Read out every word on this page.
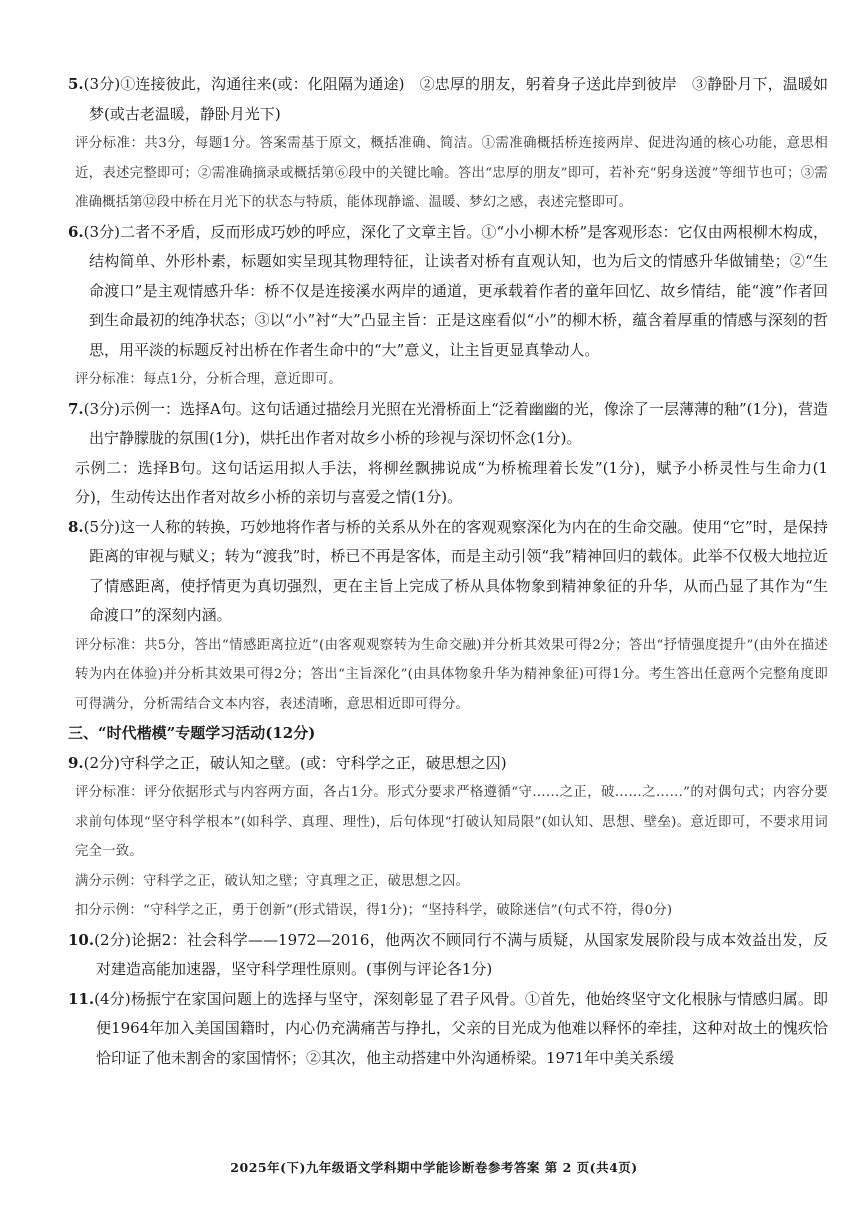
5.(3分)①连接彼此，沟通往来(或：化阻隔为通途)　②忠厚的朋友，躬着身子送此岸到彼岸　③静卧月下，温暖如梦(或古老温暖，静卧月光下)

评分标准：共3分，每题1分。答案需基于原文，概括准确、简洁。①需准确概括桥连接两岸、促进沟通的核心功能，意思相近，表述完整即可；②需准确摘录或概括第⑥段中的关键比喻。答出“忠厚的朋友”即可，若补充“躬身送渡”等细节也可；③需准确概括第⑫段中桥在月光下的状态与特质，能体现静谧、温暖、梦幻之感，表述完整即可。

6.(3分)二者不矛盾，反而形成巧妙的呼应，深化了文章主旨。①“小小柳木桥”是客观形态：它仅由两根柳木构成，结构简单、外形朴素，标题如实呈现其物理特征，让读者对桥有直观认知，也为后文的情感升华做铺垫；②“生命渡口”是主观情感升华：桥不仅是连接溪水两岸的通道，更承载着作者的童年回忆、故乡情结，能“渡”作者回到生命最初的纯净状态；③以“小”衬“大”凸显主旨：正是这座看似“小”的柳木桥，蕴含着厚重的情感与深刻的哲思，用平淡的标题反衬出桥在作者生命中的“大”意义，让主旨更显真挚动人。

评分标准：每点1分，分析合理，意近即可。

7.(3分)示例一：选择A句。这句话通过描绘月光照在光滑桥面上“泛着幽幽的光，像涂了一层薄薄的釉”(1分)，营造出宁静朦胧的氛围(1分)，烘托出作者对故乡小桥的珍视与深切怀念(1分)。

示例二：选择B句。这句话运用拟人手法，将柳丝飘拂说成“为桥梳理着长发”(1分)，赋予小桥灵性与生命力(1分)，生动传达出作者对故乡小桥的亲切与喜爱之情(1分)。

8.(5分)这一人称的转换，巧妙地将作者与桥的关系从外在的客观观察深化为内在的生命交融。使用“它”时，是保持距离的审视与赋义；转为“渡我”时，桥已不再是客体，而是主动引领“我”精神回归的载体。此举不仅极大地拉近了情感距离，使抒情更为真切强烈，更在主旨上完成了桥从具体物象到精神象征的升华，从而凸显了其作为“生命渡口”的深刻内涵。

评分标准：共5分，答出“情感距离拉近”(由客观观察转为生命交融)并分析其效果可得2分；答出“抒情强度提升”(由外在描述转为内在体验)并分析其效果可得2分；答出“主旨深化”(由具体物象升华为精神象征)可得1分。考生答出任意两个完整角度即可得满分，分析需结合文本内容，表述清晰，意思相近即可得分。

三、“时代楷模”专题学习活动(12分)

9.(2分)守科学之正，破认知之壁。(或：守科学之正，破思想之囚)

评分标准：评分依据形式与内容两方面，各占1分。形式分要求严格遵循“守……之正，破……之……”的对偶句式；内容分要求前句体现“坚守科学根本”(如科学、真理、理性)，后句体现“打破认知局限”(如认知、思想、壁垒)。意近即可，不要求用词完全一致。

满分示例：守科学之正，破认知之壁；守真理之正，破思想之囚。

扣分示例：“守科学之正，勇于创新”(形式错误，得1分)；“坚持科学，破除迷信”(句式不符，得0分)

10.(2分)论据2：社会科学——1972—2016，他两次不顾同行不满与质疑，从国家发展阶段与成本效益出发，反对建造高能加速器，坚守科学理性原则。(事例与评论各1分)
11.(4分)杨振宁在家国问题上的选择与坚守，深刻彰显了君子风骨。①首先，他始终坚守文化根脉与情感归属。即便1964年加入美国国籍时，内心仍充满痛苦与挣扎，父亲的目光成为他难以释怀的牵挂，这种对故土的愧疚恰恰印证了他未割舍的家国情怀；②其次，他主动搭建中外沟通桥梁。1971年中美关系缓
2025年(下)九年级语文学科期中学能诊断卷参考答案 第 2 页(共4页)
